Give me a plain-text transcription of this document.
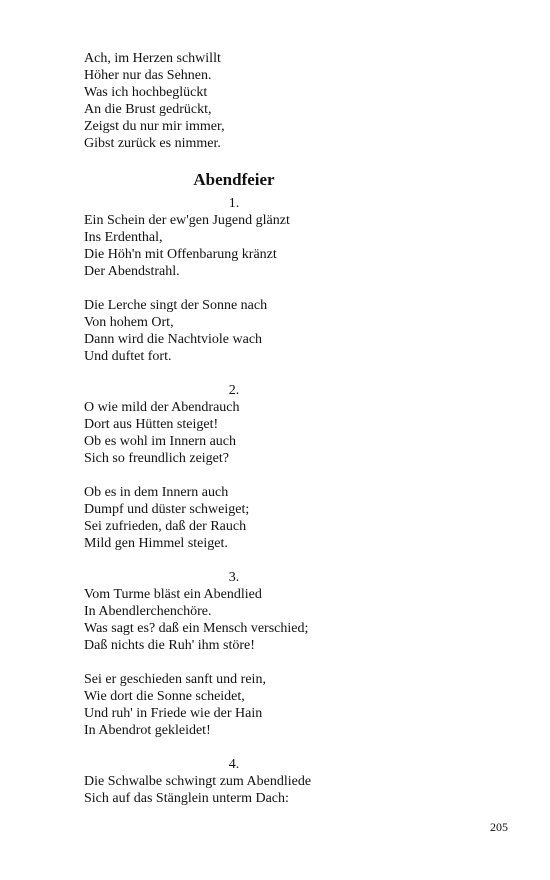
Ach, im Herzen schwillt
Höher nur das Sehnen.
Was ich hochbeglückt
An die Brust gedrückt,
Zeigst du nur mir immer,
Gibst zurück es nimmer.
Abendfeier
1.
Ein Schein der ew'gen Jugend glänzt
Ins Erdenthal,
Die Höh'n mit Offenbarung kränzt
Der Abendstrahl.
Die Lerche singt der Sonne nach
Von hohem Ort,
Dann wird die Nachtviole wach
Und duftet fort.
2.
O wie mild der Abendrauch
Dort aus Hütten steiget!
Ob es wohl im Innern auch
Sich so freundlich zeiget?
Ob es in dem Innern auch
Dumpf und düster schweiget;
Sei zufrieden, daß der Rauch
Mild gen Himmel steiget.
3.
Vom Turme bläst ein Abendlied
In Abendlerchenchöre.
Was sagt es? daß ein Mensch verschied;
Daß nichts die Ruh' ihm störe!
Sei er geschieden sanft und rein,
Wie dort die Sonne scheidet,
Und ruh' in Friede wie der Hain
In Abendrot gekleidet!
4.
Die Schwalbe schwingt zum Abendliede
Sich auf das Stänglein unterm Dach:
205
